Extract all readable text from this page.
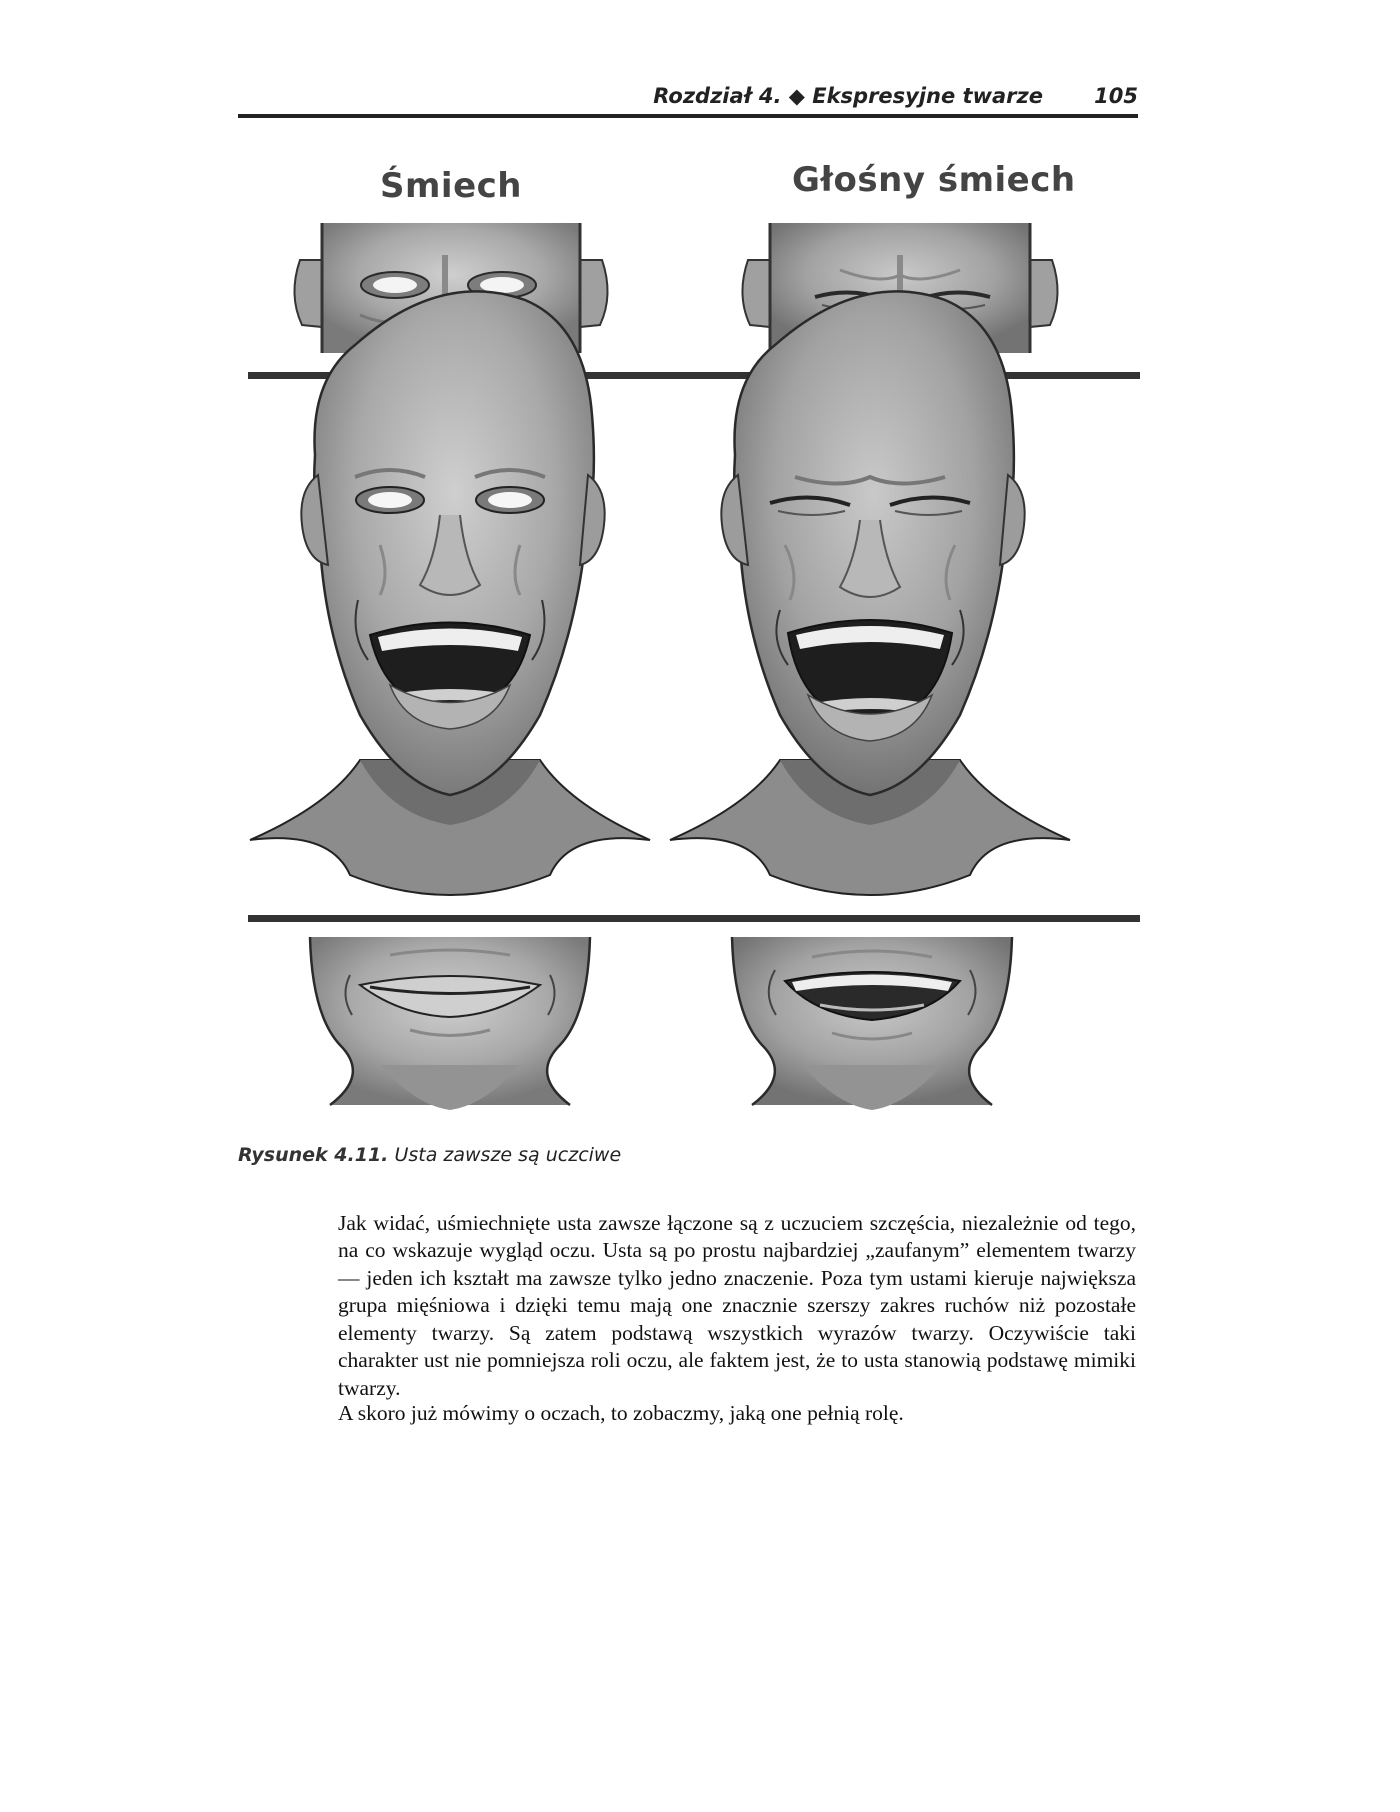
Rozdział 4. ◆ Ekspresyjne twarze 105
Śmiech	Głośny śmiech
Rysunek 4.11. Usta zawsze są uczciwe

Jak widać, uśmiechnięte usta zawsze łączone są z uczuciem szczęścia, niezależnie od tego, na co wskazuje wygląd oczu. Usta są po prostu najbardziej „zaufanym” elementem twarzy — jeden ich kształt ma zawsze tylko jedno znaczenie. Poza tym ustami kieruje największa grupa mięśniowa i dzięki temu mają one znacznie szerszy zakres ruchów niż pozostałe elementy twarzy. Są zatem podstawą wszystkich wyrazów twarzy. Oczywiście taki charakter ust nie pomniejsza roli oczu, ale faktem jest, że to usta stanowią podstawę mimiki twarzy.

A skoro już mówimy o oczach, to zobaczmy, jaką one pełnią rolę.
